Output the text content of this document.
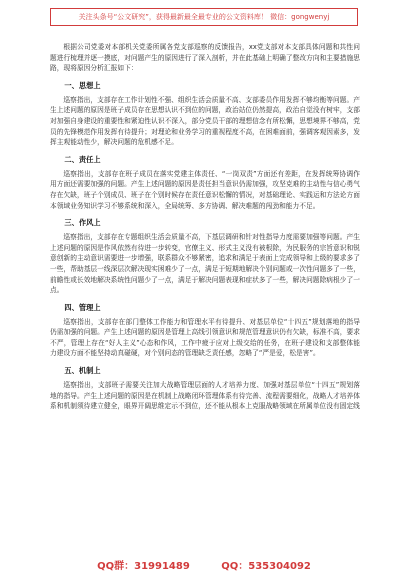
关注头条号“公文研究”，获得最新最全最专业的公文资料库！ 微信：gongwenyj

根据公司党委对本部机关党委所属各党支部巡察的反馈报告，xx党支部对本支部具体问题和共性问题进行梳理并逐一摸底，对问题产生的原因进行了深入剖析，并在此基础上明确了整改方向和主要措施思路，现将原因分析汇报如下：

一、思想上

巡察指出，支部存在工作计划性不强、组织生活会质量不高、支部委员作用发挥不够均衡等问题。产生上述问题的原因是班子成员存在思想认识不到位的问题，政治站位仍然提高，政治自觉没有树牢，支部对加强自身建设的重要性和紧迫性认识不深入，部分党员干部的理想信念有所松懈，思想境界不够高，党员的先锋模范作用发挥有待提升；对理论和业务学习的重视程度不高，在困难面前，强调客观因素多，发挥主观能动性少，解决问题的危机感不足。

二、责任上

巡察指出，支部存在班子成员在落实党建主体责任、“一岗双责”方面还有差距，在发挥统筹协调作用方面还需要加强的问题。产生上述问题的原因是责任担当意识仍需加强，攻坚克难的主动性与信心勇气存在欠缺，班子个别成员、班子在个别时候存在责任意识松懈的情况，对基础理论、实践运和方法论方面本领域业务知识学习不够系统和深入，全局统筹、多方协调、解决难题的闯劲和能力不足。

三、作风上

巡察指出，支部存在专题组织生活会质量不高，下基层调研和针对性指导力度需要加强等问题。产生上述问题的原因是作风依然有待进一步转变，官僚主义、形式主义没有被根除，为民服务的宗旨意识和锐意创新的主动意识需要进一步增强，联系群众不够紧密，追求和满足于表面上完成领导和上级的要求多了一些，帮助基层一线深层次解决现实困难少了一点，满足于短期地解决个别问题或一次性问题多了一些，前瞻性或长效地解决系统性问题少了一点，满足于解决问题表现和症状多了一些，解决问题除病根少了一点。

四、管理上

巡察指出，支部存在部门整体工作能力和管理水平有待提升、对基层单位“十四五”规划落地的指导仍需加强的问题。产生上述问题的原因是管理上高线引领意识和规范管理意识仍有欠缺，标准不高，要求不严，管理上存在“好人主义”心态和作风，工作中疲于应对上级交给的任务，在班子建设和支部整体能力建设方面不能坚持动真碰硬，对个别问态的管理缺乏责任感，忽略了“严是爱，松是害”。

五、机制上

巡察指出，支部班子需要关注加大战略管理层面的人才培养力度、加强对基层单位“十四五”规划落地的指导。产生上述问题的原因是在机制上战略闭环管理体系有待完善、流程需要细化，战略人才培养体系和机制须待建立健全，眼界开阔思维定示不到位，还不能从根本上克服战略领域在所属单位没有固定线

QQ群：31991489	QQ：535304092
